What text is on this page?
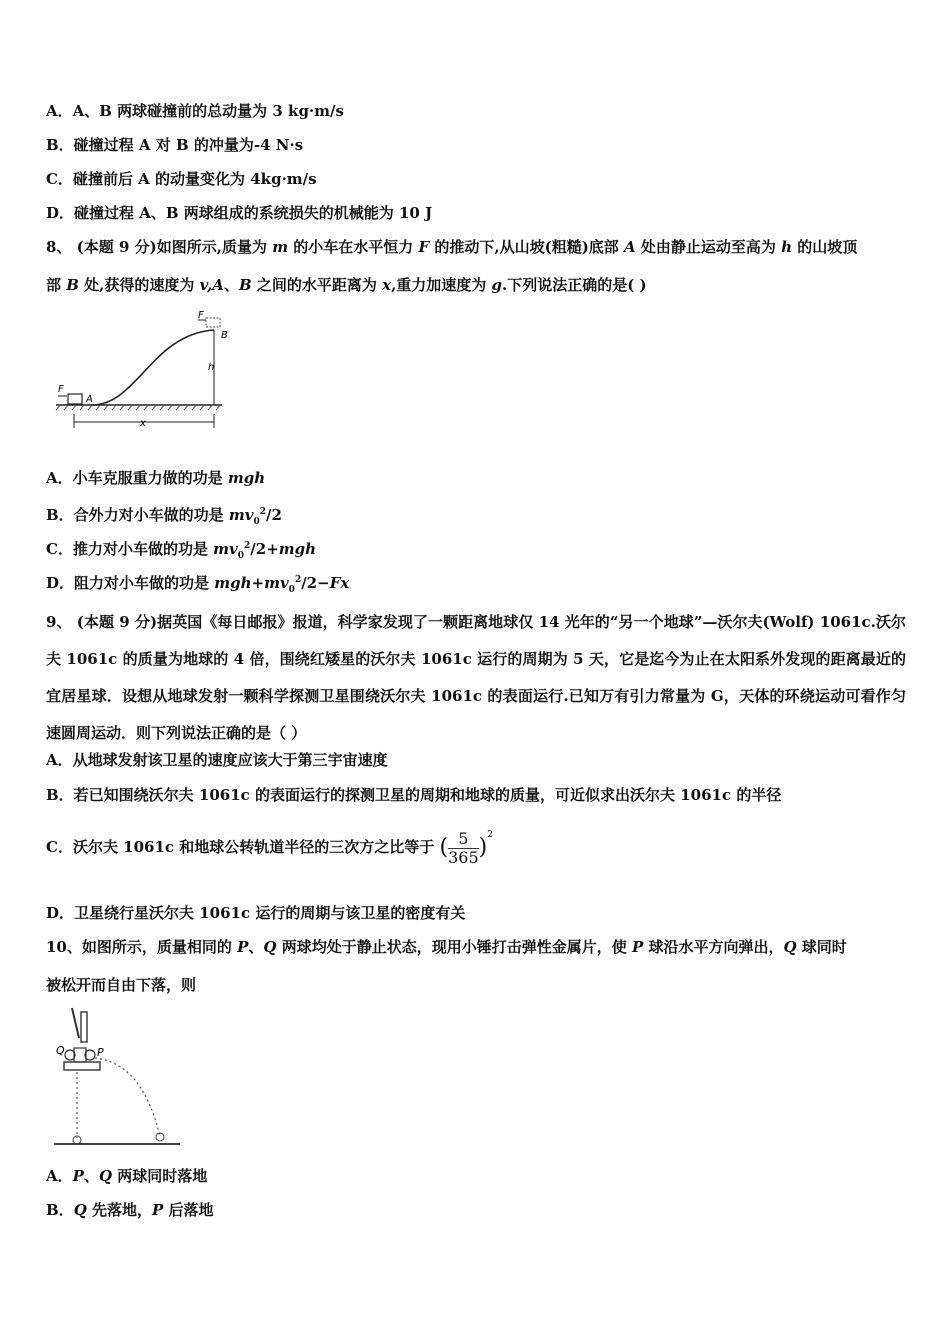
A．A、B 两球碰撞前的总动量为 3 kg·m/s
B．碰撞过程 A 对 B 的冲量为-4 N·s
C．碰撞前后 A 的动量变化为 4kg·m/s
D．碰撞过程 A、B 两球组成的系统损失的机械能为 10 J
8、 (本题 9 分)如图所示,质量为 m 的小车在水平恒力 F 的推动下,从山坡(粗糙)底部 A 处由静止运动至高为 h 的山坡顶
部 B 处,获得的速度为 v,A、B 之间的水平距离为 x,重力加速度为 g.下列说法正确的是( )
F
A
F
B
h
x
A．小车克服重力做的功是 mgh
B．合外力对小车做的功是 $mv_0^2/2$
C．推力对小车做的功是 $mv_0^2/2+mgh$
D．阻力对小车做的功是 $mgh+mv_0^2/2-Fx$
9、 (本题 9 分)据英国《每日邮报》报道，科学家发现了一颗距离地球仅 14 光年的“另一个地球”—沃尔夫(Wolf) 1061c.沃尔夫 1061c 的质量为地球的 4 倍，围绕红矮星的沃尔夫 1061c 运行的周期为 5 天，它是迄今为止在太阳系外发现的距离最近的宜居星球．设想从地球发射一颗科学探测卫星围绕沃尔夫 1061c 的表面运行.已知万有引力常量为 G，天体的环绕运动可看作匀速圆周运动．则下列说法正确的是（ ）
A．从地球发射该卫星的速度应该大于第三宇宙速度
B．若已知围绕沃尔夫 1061c 的表面运行的探测卫星的周期和地球的质量，可近似求出沃尔夫 1061c 的半径
C．沃尔夫 1061c 和地球公转轨道半径的三次方之比等于 ( $\frac{5}{365} )^2$
D．卫星绕行星沃尔夫 1061c 运行的周期与该卫星的密度有关
10、如图所示，质量相同的 P、Q 两球均处于静止状态，现用小锤打击弹性金属片，使 P 球沿水平方向弹出，Q 球同时
被松开而自由下落，则
Q	P
A．P、Q 两球同时落地
B．Q 先落地，P 后落地
